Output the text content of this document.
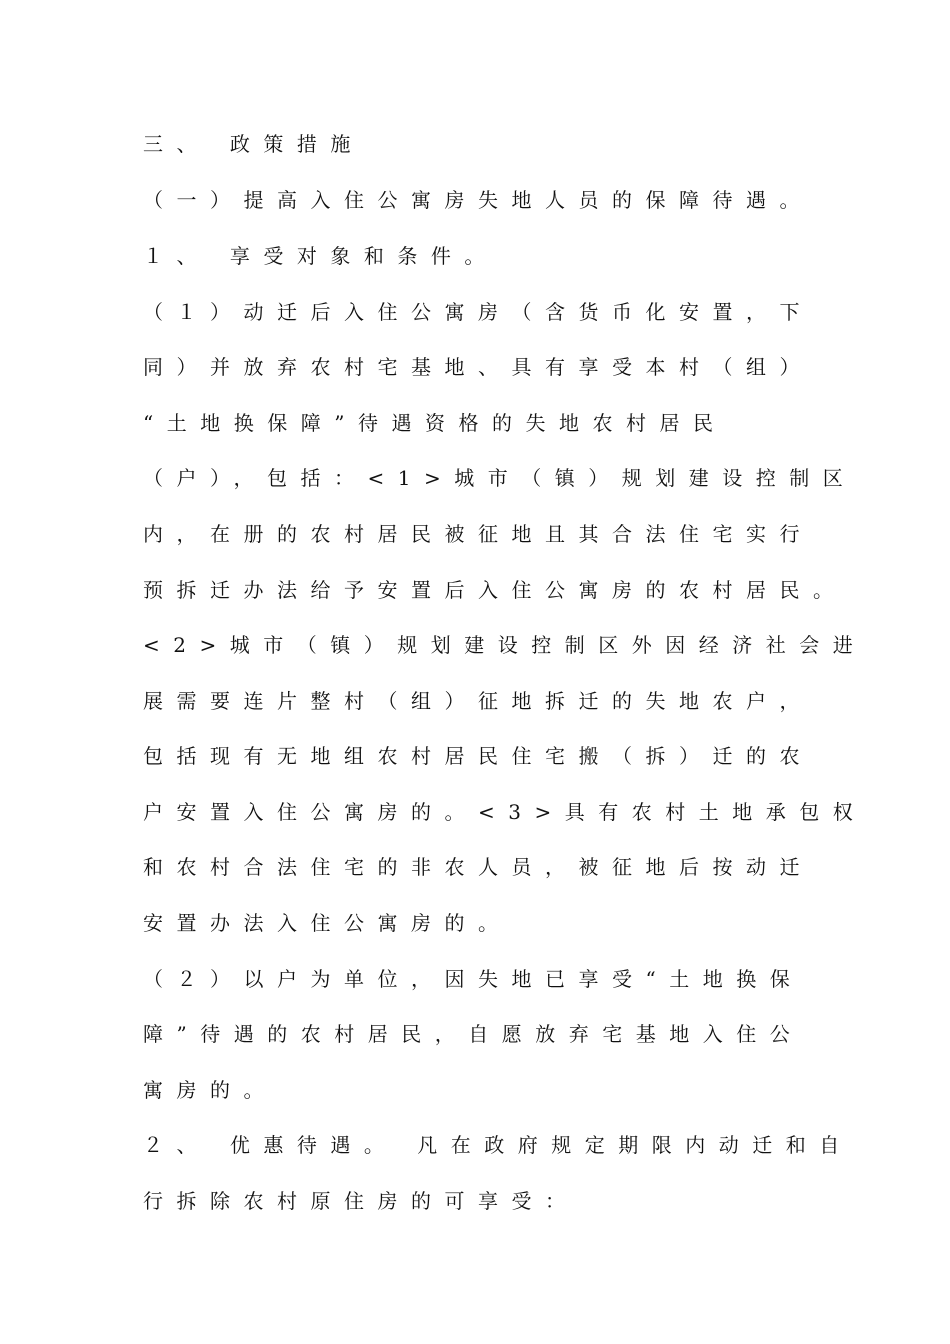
三、 政策措施
（一）提高入住公寓房失地人员的保障待遇。
１、 享受对象和条件。
（１）动迁后入住公寓房（含货币化安置，下
同）并放弃农村宅基地、具有享受本村（组）
“土地换保障”待遇资格的失地农村居民
（户），包括：<1>城市（镇）规划建设控制区
内，在册的农村居民被征地且其合法住宅实行
预拆迁办法给予安置后入住公寓房的农村居民。
<2>城市（镇）规划建设控制区外因经济社会进
展需要连片整村（组）征地拆迁的失地农户，
包括现有无地组农村居民住宅搬（拆）迁的农
户安置入住公寓房的。<3>具有农村土地承包权
和农村合法住宅的非农人员，被征地后按动迁
安置办法入住公寓房的。
（２）以户为单位，因失地已享受“土地换保
障”待遇的农村居民，自愿放弃宅基地入住公
寓房的。
２、 优惠待遇。 凡在政府规定期限内动迁和自
行拆除农村原住房的可享受：
